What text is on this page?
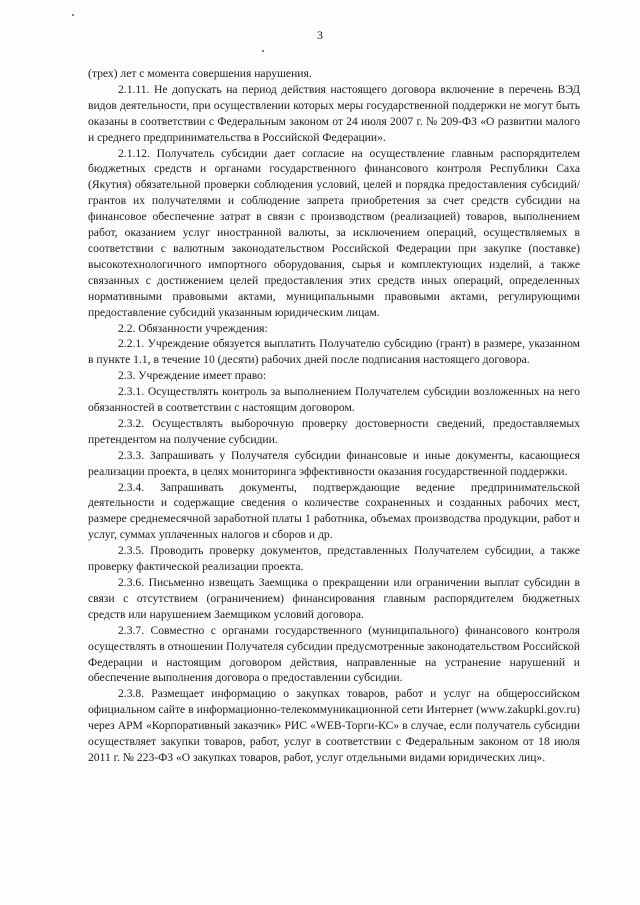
3

(трех) лет с момента совершения нарушения.

2.1.11. Не допускать на период действия настоящего договора включение в перечень ВЭД видов деятельности, при осуществлении которых меры государственной поддержки не могут быть оказаны в соответствии с Федеральным законом от 24 июля 2007 г. № 209-ФЗ «О развитии малого и среднего предпринимательства в Российской Федерации».

2.1.12. Получатель субсидии дает согласие на осуществление главным распорядителем бюджетных средств и органами государственного финансового контроля Республики Саха (Якутия) обязательной проверки соблюдения условий, целей и порядка предоставления субсидий/грантов их получателями и соблюдение запрета приобретения за счет средств субсидии на финансовое обеспечение затрат в связи с производством (реализацией) товаров, выполнением работ, оказанием услуг иностранной валюты, за исключением операций, осуществляемых в соответствии с валютным законодательством Российской Федерации при закупке (поставке) высокотехнологичного импортного оборудования, сырья и комплектующих изделий, а также связанных с достижением целей предоставления этих средств иных операций, определенных нормативными правовыми актами, муниципальными правовыми актами, регулирующими предоставление субсидий указанным юридическим лицам.

2.2. Обязанности учреждения:

2.2.1. Учреждение обязуется выплатить Получателю субсидию (грант) в размере, указанном в пункте 1.1, в течение 10 (десяти) рабочих дней после подписания настоящего договора.

2.3. Учреждение имеет право:

2.3.1. Осуществлять контроль за выполнением Получателем субсидии возложенных на него обязанностей в соответствии с настоящим договором.

2.3.2. Осуществлять выборочную проверку достоверности сведений, предоставляемых претендентом на получение субсидии.

2.3.3. Запрашивать у Получателя субсидии финансовые и иные документы, касающиеся реализации проекта, в целях мониторинга эффективности оказания государственной поддержки.

2.3.4. Запрашивать документы, подтверждающие ведение предпринимательской деятельности и содержащие сведения о количестве сохраненных и созданных рабочих мест, размере среднемесячной заработной платы 1 работника, объемах производства продукции, работ и услуг, суммах уплаченных налогов и сборов и др.

2.3.5. Проводить проверку документов, представленных Получателем субсидии, а также проверку фактической реализации проекта.

2.3.6. Письменно извещать Заемщика о прекращении или ограничении выплат субсидии в связи с отсутствием (ограничением) финансирования главным распорядителем бюджетных средств или нарушением Заемщиком условий договора.

2.3.7. Совместно с органами государственного (муниципального) финансового контроля осуществлять в отношении Получателя субсидии предусмотренные законодательством Российской Федерации и настоящим договором действия, направленные на устранение нарушений и обеспечение выполнения договора о предоставлении субсидии.

2.3.8. Размещает информацию о закупках товаров, работ и услуг на общероссийском официальном сайте в информационно-телекоммуникационной сети Интернет (www.zakupki.gov.ru) через АРМ «Корпоративный заказчик» РИС «WEB-Торги-КС» в случае, если получатель субсидии осуществляет закупки товаров, работ, услуг в соответствии с Федеральным законом от 18 июля 2011 г. № 223-ФЗ «О закупках товаров, работ, услуг отдельными видами юридических лиц».
